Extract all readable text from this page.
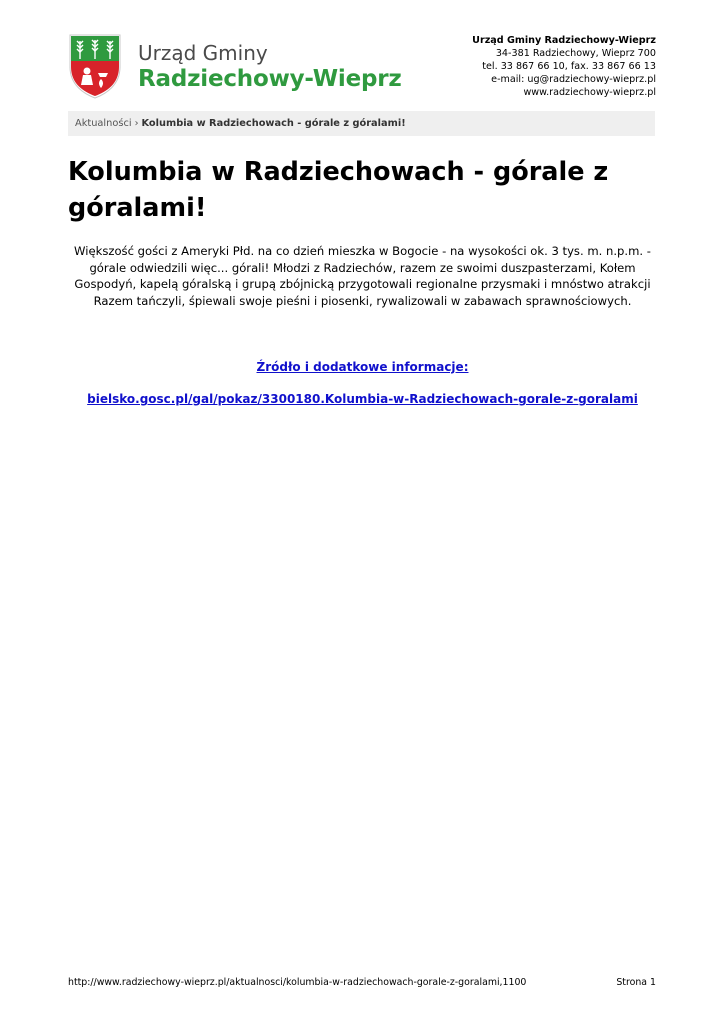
Urząd Gminy
Radziechowy-Wieprz
Urząd Gminy Radziechowy-Wieprz
34-381 Radziechowy, Wieprz 700
tel. 33 867 66 10, fax. 33 867 66 13
e-mail: ug@radziechowy-wieprz.pl
www.radziechowy-wieprz.pl
Aktualności › Kolumbia w Radziechowach - górale z góralami!
Kolumbia w Radziechowach - górale z góralami!

Większość gości z Ameryki Płd. na co dzień mieszka w Bogocie - na wysokości ok. 3 tys. m. n.p.m. - górale odwiedzili więc... górali! Młodzi z Radziechów, razem ze swoimi duszpasterzami, Kołem Gospodyń, kapelą góralską i grupą zbójnicką przygotowali regionalne przysmaki i mnóstwo atrakcji Razem tańczyli, śpiewali swoje pieśni i piosenki, rywalizowali w zabawach sprawnościowych.

Źródło i dodatkowe informacje:

bielsko.gosc.pl/gal/pokaz/3300180.Kolumbia-w-Radziechowach-gorale-z-goralami

http://www.radziechowy-wieprz.pl/aktualnosci/kolumbia-w-radziechowach-gorale-z-goralami,1100	Strona 1
